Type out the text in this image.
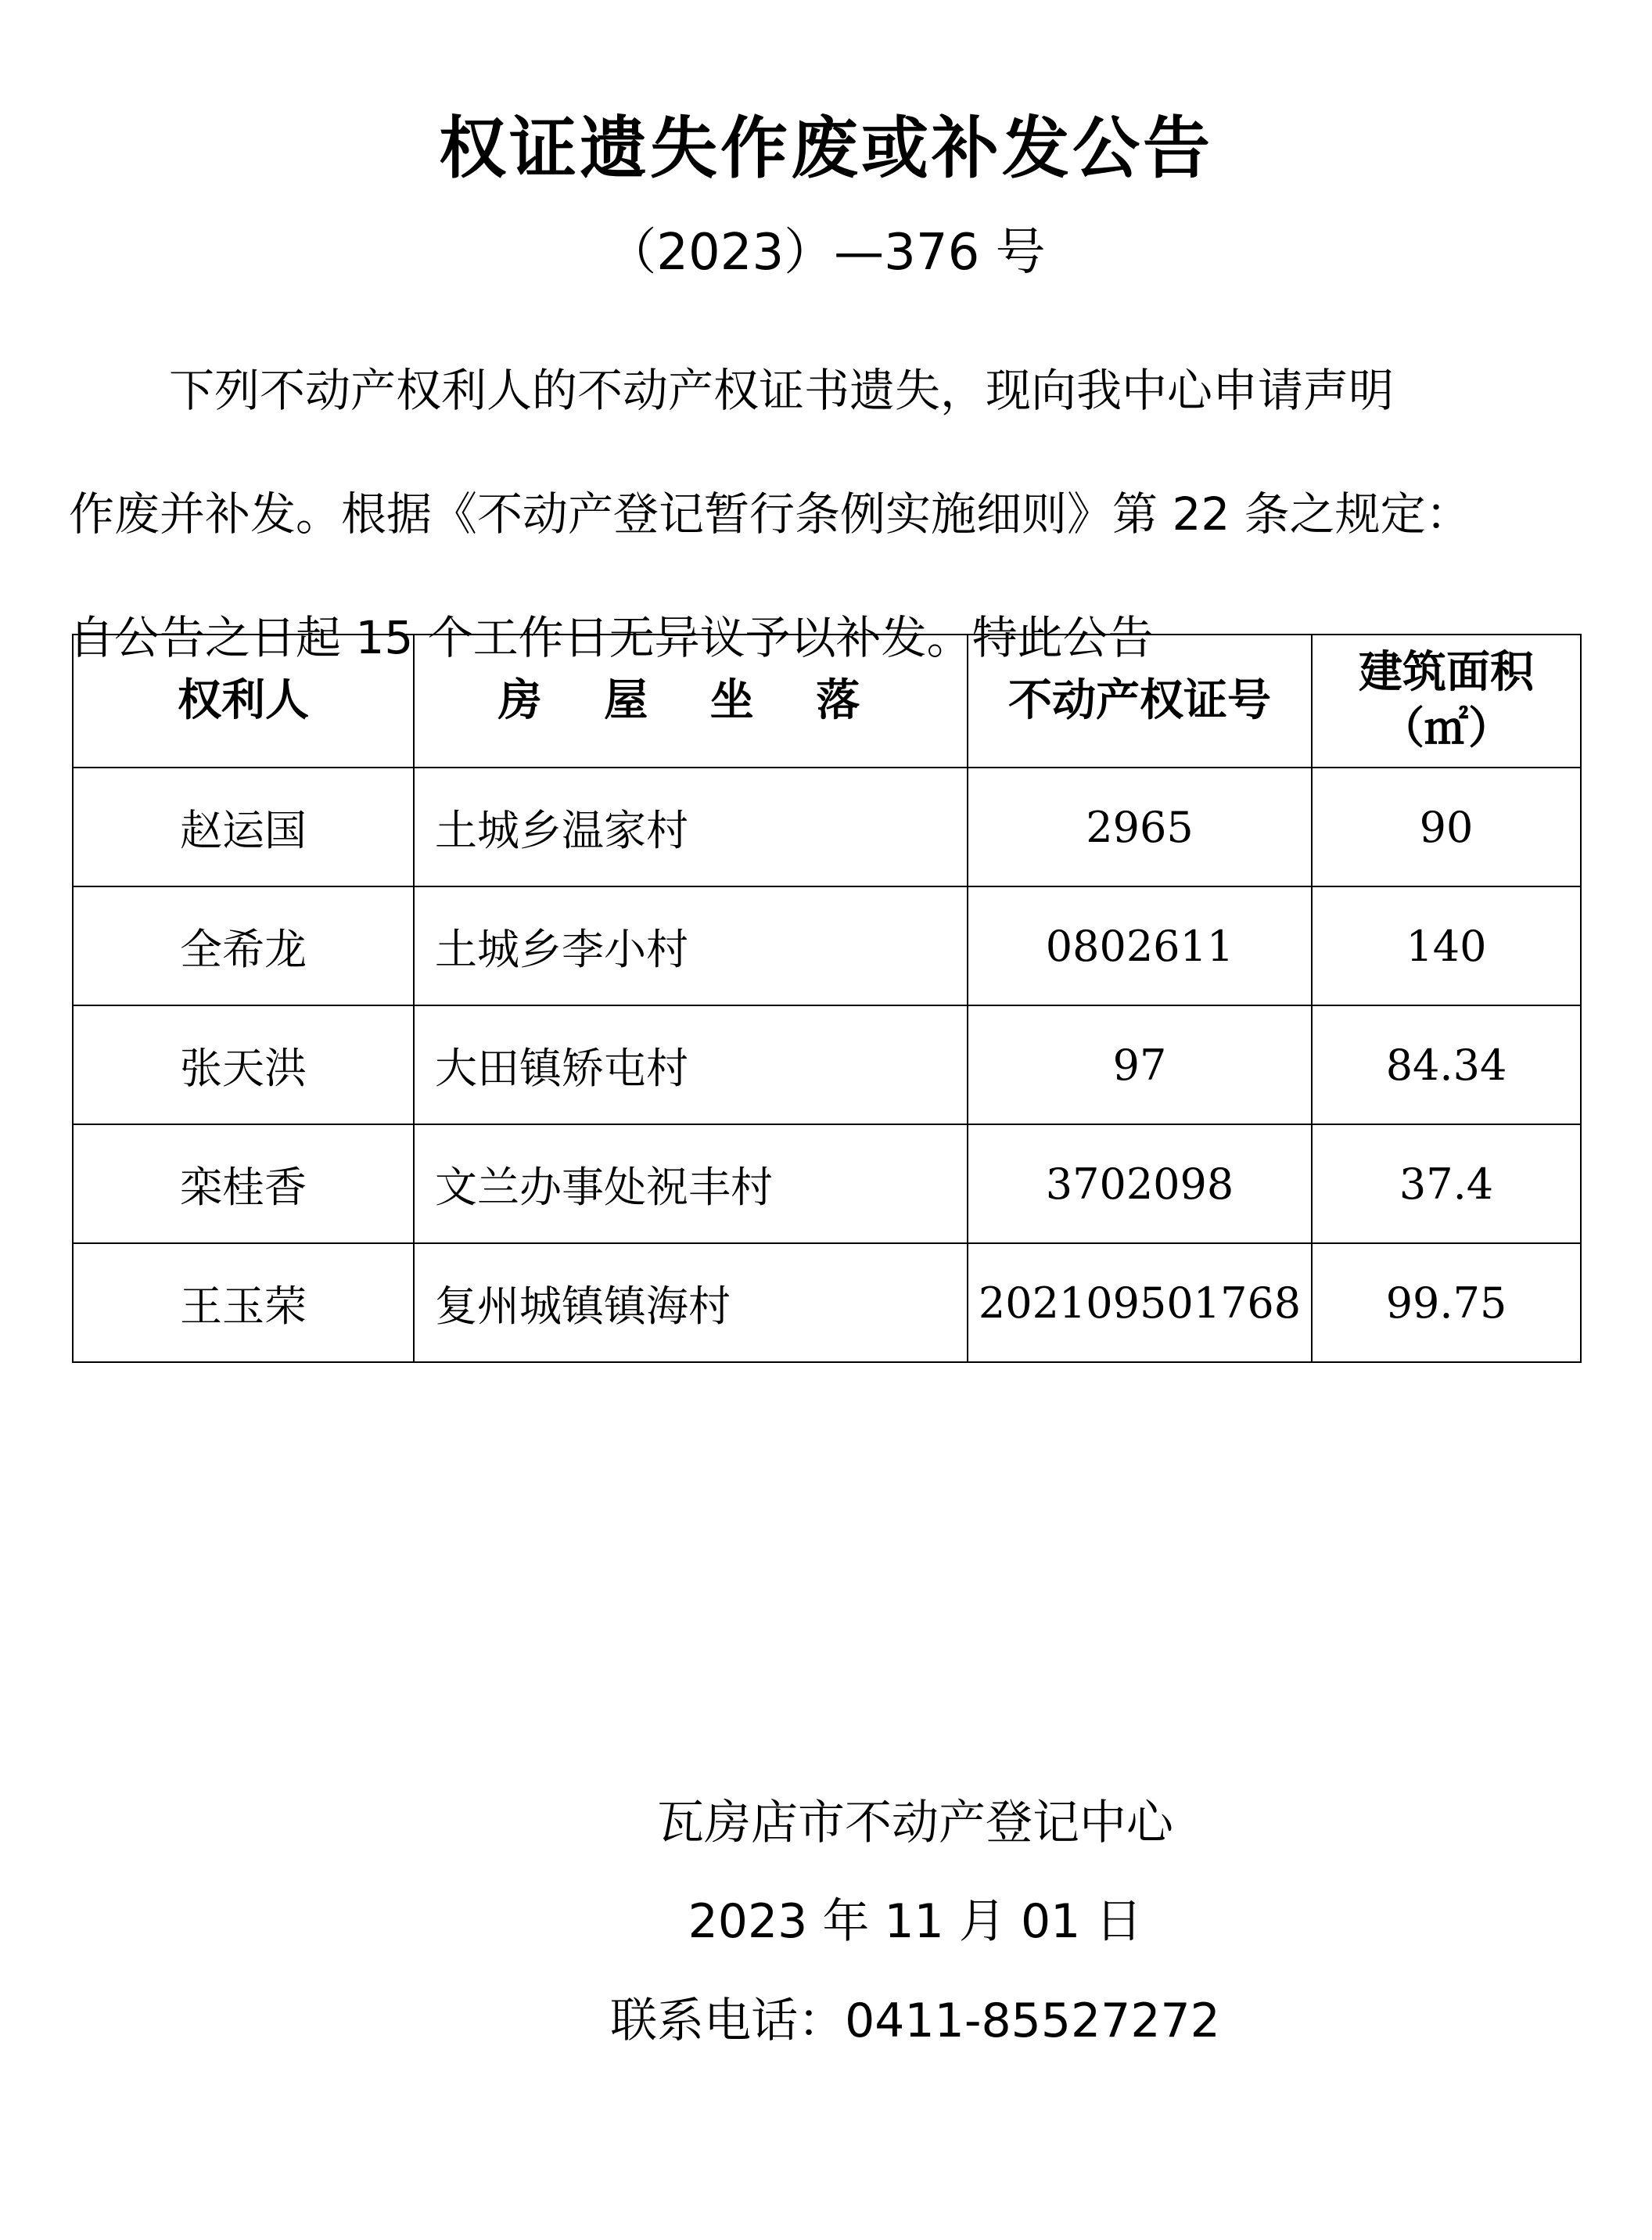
权证遗失作废或补发公告
（2023）—376 号
下列不动产权利人的不动产权证书遗失，现向我中心申请声明
作废并补发。根据《不动产登记暂行条例实施细则》第 22 条之规定：
自公告之日起 15 个工作日无异议予以补发。特此公告
权利人	房 屋 坐 落	不动产权证号	建筑面积
（㎡）

赵运国	土城乡温家村	2965	90
全希龙	土城乡李小村	0802611	140
张天洪	大田镇矫屯村	97	84.34
栾桂香	文兰办事处祝丰村	3702098	37.4
王玉荣	复州城镇镇海村	202109501768	99.75
瓦房店市不动产登记中心
2023 年 11 月 01 日
联系电话：0411-85527272
